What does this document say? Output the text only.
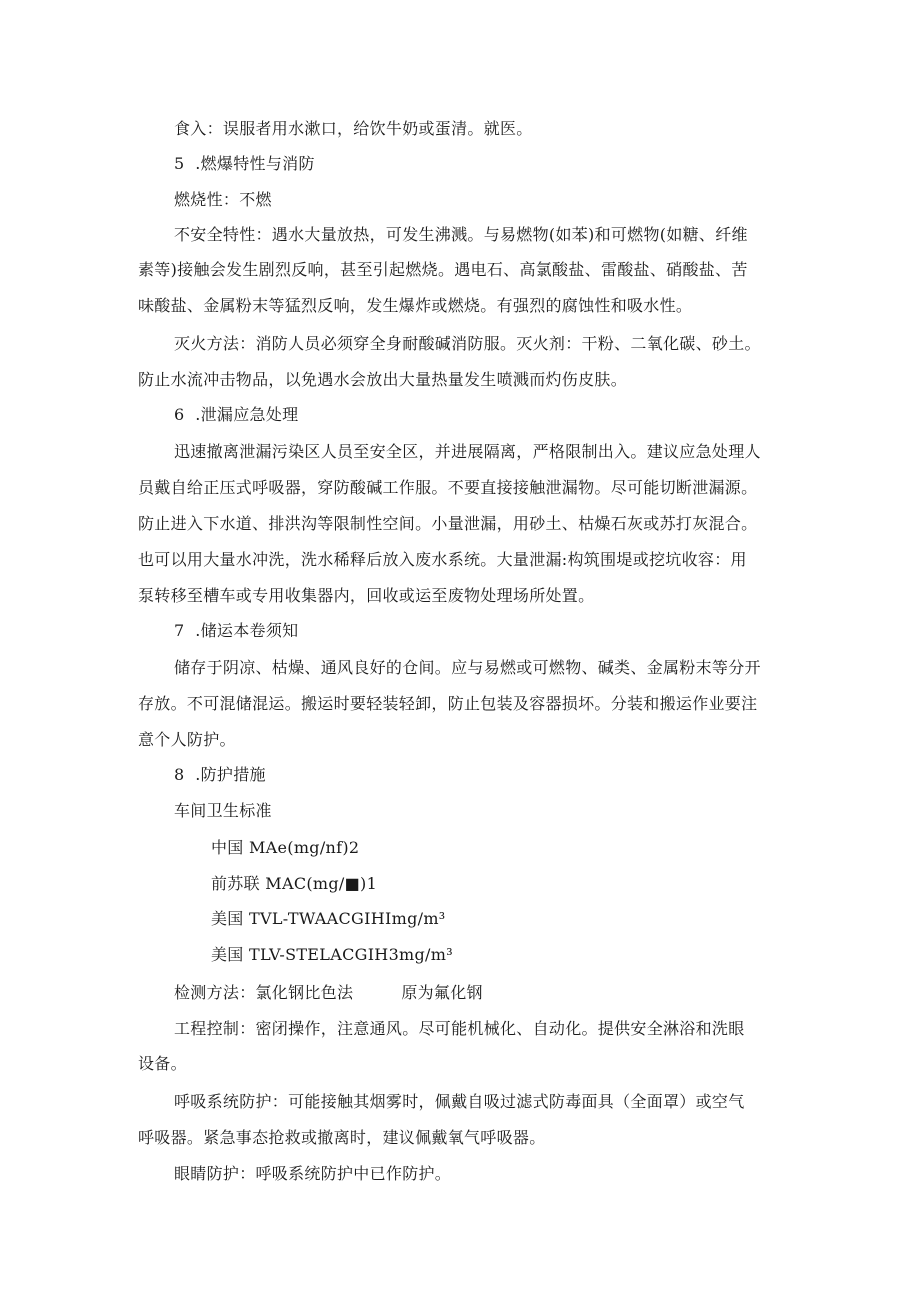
食入：误服者用水漱口，给饮牛奶或蛋清。就医。
5  .燃爆特性与消防
燃烧性：不燃
不安全特性：遇水大量放热，可发生沸溅。与易燃物(如苯)和可燃物(如糖、纤维
素等)接触会发生剧烈反响，甚至引起燃烧。遇电石、高氯酸盐、雷酸盐、硝酸盐、苦
味酸盐、金属粉末等猛烈反响，发生爆炸或燃烧。有强烈的腐蚀性和吸水性。
灭火方法：消防人员必须穿全身耐酸碱消防服。灭火剂：干粉、二氧化碳、砂土。
防止水流冲击物品，以免遇水会放出大量热量发生喷溅而灼伤皮肤。
6  .泄漏应急处理
迅速撤离泄漏污染区人员至安全区，并进展隔离，严格限制出入。建议应急处理人
员戴自给正压式呼吸器，穿防酸碱工作服。不要直接接触泄漏物。尽可能切断泄漏源。
防止进入下水道、排洪沟等限制性空间。小量泄漏，用砂土、枯燥石灰或苏打灰混合。
也可以用大量水冲洗，洗水稀释后放入废水系统。大量泄漏:构筑围堤或挖坑收容：用
泵转移至槽车或专用收集器内，回收或运至废物处理场所处置。
7  .储运本卷须知
储存于阴凉、枯燥、通风良好的仓间。应与易燃或可燃物、碱类、金属粉末等分开
存放。不可混储混运。搬运时要轻装轻卸，防止包装及容器损坏。分装和搬运作业要注
意个人防护。
8  .防护措施
车间卫生标准
中国 MAe(mg/nf)2
前苏联 MAC(mg/■)1
美国 TVL-TWAACGIHImg/m³
美国 TLV-STELACGIH3mg/m³
检测方法：氯化钢比色法	原为氟化钢
工程控制：密闭操作，注意通风。尽可能机械化、自动化。提供安全淋浴和洗眼
设备。
呼吸系统防护：可能接触其烟雾时，佩戴自吸过滤式防毒面具（全面罩）或空气
呼吸器。紧急事态抢救或撤离时，建议佩戴氧气呼吸器。
眼睛防护：呼吸系统防护中已作防护。
